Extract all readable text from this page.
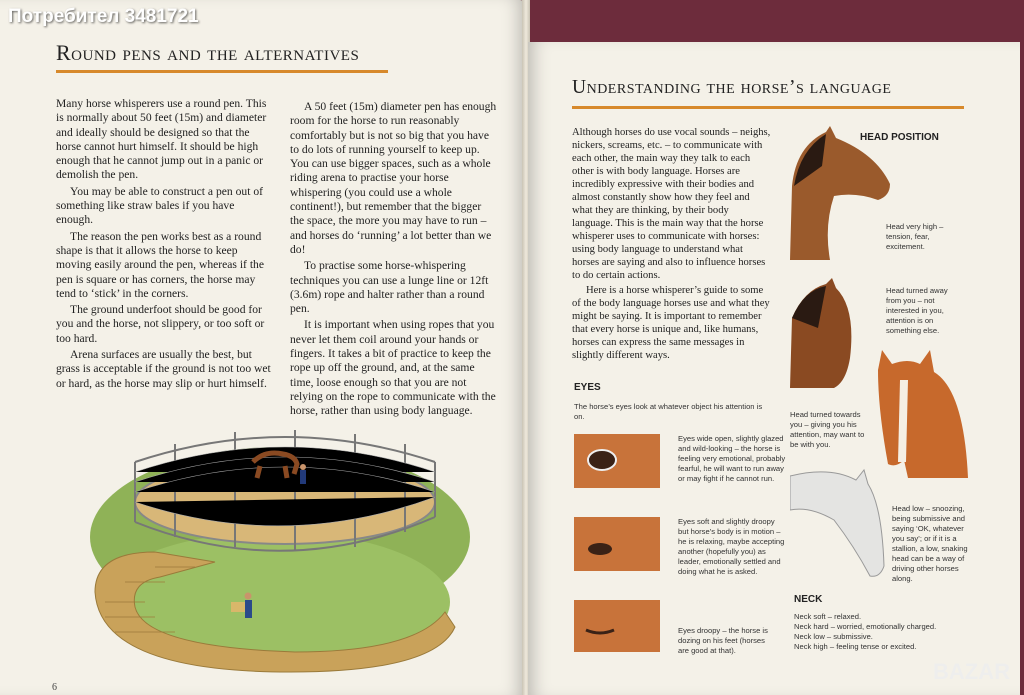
Потребител 3481721
Round pens and the alternatives

Many horse whisperers use a round pen. This is normally about 50 feet (15m) and diameter and ideally should be designed so that the horse cannot hurt himself. It should be high enough that he cannot jump out in a panic or demolish the pen.

You may be able to construct a pen out of something like straw bales if you have enough.

The reason the pen works best as a round shape is that it allows the horse to keep moving easily around the pen, whereas if the pen is square or has corners, the horse may tend to ‘stick’ in the corners.

The ground underfoot should be good for you and the horse, not slippery, or too soft or too hard.

Arena surfaces are usually the best, but grass is acceptable if the ground is not too wet or hard, as the horse may slip or hurt himself.

A 50 feet (15m) diameter pen has enough room for the horse to run reasonably comfortably but is not so big that you have to do lots of running yourself to keep up. You can use bigger spaces, such as a whole riding arena to practise your horse whispering (you could use a whole continent!), but remember that the bigger the space, the more you may have to run – and horses do ‘running’ a lot better than we do!

To practise some horse-whispering techniques you can use a lunge line or 12ft (3.6m) rope and halter rather than a round pen.

It is important when using ropes that you never let them coil around your hands or fingers. It takes a bit of practice to keep the rope up off the ground, and, at the same time, loose enough so that you are not relying on the rope to communicate with the horse, rather than using body language.

6
Understanding the horse’s language

Although horses do use vocal sounds – neighs, nickers, screams, etc. – to communicate with each other, the main way they talk to each other is with body language. Horses are incredibly expressive with their bodies and almost constantly show how they feel and what they are thinking, by their body language. This is the main way that the horse whisperer uses to communicate with horses: using body language to understand what horses are saying and also to influence horses to do certain actions.

Here is a horse whisperer’s guide to some of the body language horses use and what they might be saying. It is important to remember that every horse is unique and, like humans, horses can express the same messages in slightly different ways.

EYES
The horse’s eyes look at whatever object his attention is on.
Eyes wide open, slightly glazed and wild-looking – the horse is feeling very emotional, probably fearful, he will want to run away or may fight if he cannot run.
Eyes soft and slightly droopy but horse’s body is in motion – he is relaxing, maybe accepting another (hopefully you) as leader, emotionally settled and doing what he is asked.
Eyes droopy – the horse is dozing on his feet (horses are good at that).
HEAD POSITION
Head very high – tension, fear, excitement.
Head turned away from you – not interested in you, attention is on something else.
Head turned towards you – giving you his attention, may want to be with you.
Head low – snoozing, being submissive and saying ‘OK, whatever you say’; or if it is a stallion, a low, snaking head can be a way of driving other horses along.
NECK
Neck soft – relaxed.
Neck hard – worried, emotionally charged.
Neck low – submissive.
Neck high – feeling tense or excited.
BAZAR
